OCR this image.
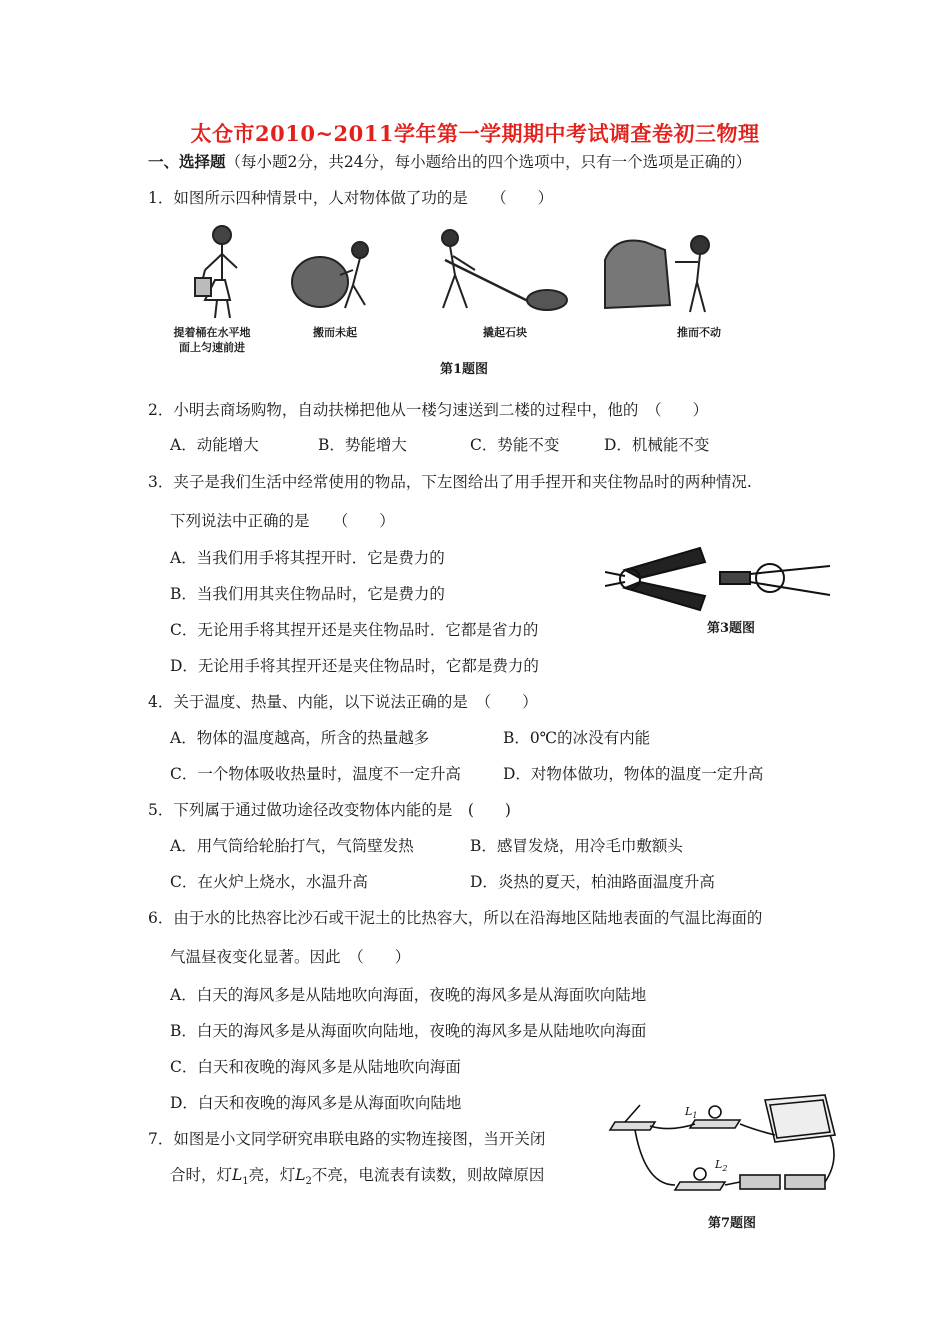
太仓市2010~2011学年第一学期期中考试调查卷初三物理
一、选择题（每小题2分，共24分，每小题给出的四个选项中，只有一个选项是正确的）
1．如图所示四种情景中，人对物体做了功的是　　（　　）
提着桶在水平地
面上匀速前进
搬而未起	撬起石块	推而不动
第1题图
2．小明去商场购物，自动扶梯把他从一楼匀速送到二楼的过程中，他的　（　　）
A．动能增大	B．势能增大	C．势能不变	D．机械能不变
3．夹子是我们生活中经常使用的物品，下左图给出了用手捏开和夹住物品时的两种情况.
下列说法中正确的是　　（　　）
A．当我们用手将其捏开时．它是费力的
B．当我们用其夹住物品时，它是费力的
C．无论用手将其捏开还是夹住物品时．它都是省力的
D．无论用手将其捏开还是夹住物品时，它都是费力的
第3题图
4．关于温度、热量、内能，以下说法正确的是　（　　）
A．物体的温度越高，所含的热量越多	B．0℃的冰没有内能
C．一个物体吸收热量时，温度不一定升高	D．对物体做功，物体的温度一定升高
5．下列属于通过做功途径改变物体内能的是　(　　)
A．用气筒给轮胎打气，气筒壁发热	B．感冒发烧，用冷毛巾敷额头
C．在火炉上烧水，水温升高	D．炎热的夏天，柏油路面温度升高
6．由于水的比热容比沙石或干泥土的比热容大，所以在沿海地区陆地表面的气温比海面的
气温昼夜变化显著。因此　（　　）
A．白天的海风多是从陆地吹向海面，夜晚的海风多是从海面吹向陆地
B．白天的海风多是从海面吹向陆地，夜晚的海风多是从陆地吹向海面
C．白天和夜晚的海风多是从陆地吹向海面
D．白天和夜晚的海风多是从海面吹向陆地
7．如图是小文同学研究串联电路的实物连接图，当开关闭
合时，灯$L_1$亮，灯$L_2$不亮，电流表有读数，则故障原因
$L_1$
$L_2$
第7题图
